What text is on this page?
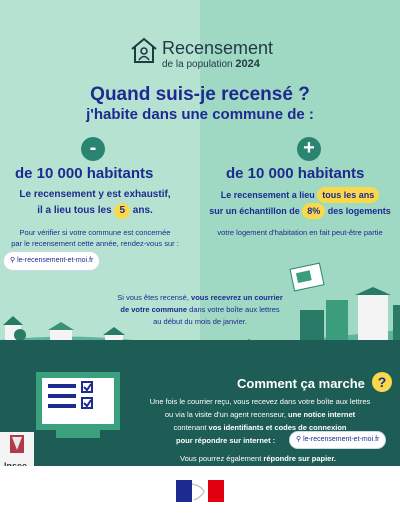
Recensement
de la population 2024
Quand suis-je recensé ?
j'habite dans une commune de :
-
de 10 000 habitants
Le recensement y est exhaustif,
il a lieu tous les 5 ans.
Pour vérifier si votre commune est concernée
par le recensement cette année, rendez-vous sur :
⚲ le-recensement-et-moi.fr
+
de 10 000 habitants
Le recensement a lieu tous les ans
sur un échantillon de 8% des logements
votre logement d'habitation en fait peut-être partie
Si vous êtes recensé, vous recevrez un courrier
de votre commune dans votre boîte aux lettres
au début du mois de janvier.
Comment ça marche ?
Une fois le courrier reçu, vous recevez dans votre boîte aux lettres
ou via la visite d'un agent recenseur, une notice internet
contenant vos identifiants et codes de connexion
pour répondre sur internet :	⚲ le-recensement-et-moi.fr
Vous pourrez également répondre sur papier.
